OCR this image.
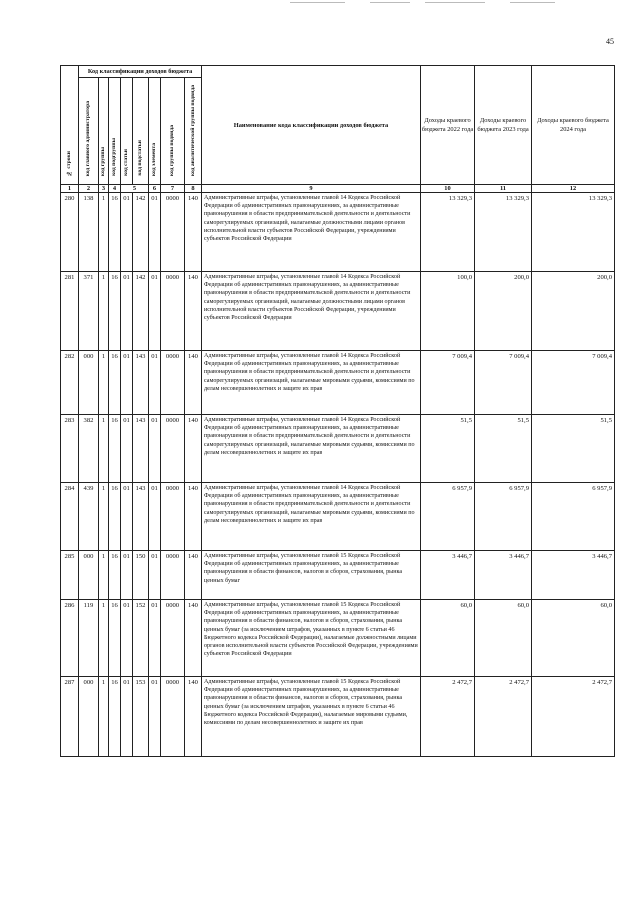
45
№ строки	Код классификации доходов бюджета								Наименование кода классификации доходов бюджета	Доходы краевого бюджета 2022 года	Доходы краевого бюджета 2023 года	Доходы краевого бюджета 2024 года
	код главного администратора	код группы	код подгруппы	код статьи	код подстатьи	код элемента	код группы подвида	код аналитической группы подвида				
1	2	3	4	5		6	7	8	9	10	11	12
280	138	1	16	01	142	01	0000	140	Административные штрафы, установленные главой 14 Кодекса Российской Федерации об административных правонарушениях, за административные правонарушения в области предпринимательской деятельности и деятельности саморегулируемых организаций, налагаемые должностными лицами органов исполнительной власти субъектов Российской Федерации, учреждениями субъектов Российской Федерации	13 329,3	13 329,3	13 329,3
281	371	1	16	01	142	01	0000	140	Административные штрафы, установленные главой 14 Кодекса Российской Федерации об административных правонарушениях, за административные правонарушения в области предпринимательской деятельности и деятельности саморегулируемых организаций, налагаемые должностными лицами органов исполнительной власти субъектов Российской Федерации, учреждениями субъектов Российской Федерации	100,0	200,0	200,0
282	000	1	16	01	143	01	0000	140	Административные штрафы, установленные главой 14 Кодекса Российской Федерации об административных правонарушениях, за административные правонарушения в области предпринимательской деятельности и деятельности саморегулируемых организаций, налагаемые мировыми судьями, комиссиями по делам несовершеннолетних и защите их прав	7 009,4	7 009,4	7 009,4
283	382	1	16	01	143	01	0000	140	Административные штрафы, установленные главой 14 Кодекса Российской Федерации об административных правонарушениях, за административные правонарушения в области предпринимательской деятельности и деятельности саморегулируемых организаций, налагаемые мировыми судьями, комиссиями по делам несовершеннолетних и защите их прав	51,5	51,5	51,5
284	439	1	16	01	143	01	0000	140	Административные штрафы, установленные главой 14 Кодекса Российской Федерации об административных правонарушениях, за административные правонарушения в области предпринимательской деятельности и деятельности саморегулируемых организаций, налагаемые мировыми судьями, комиссиями по делам несовершеннолетних и защите их прав	6 957,9	6 957,9	6 957,9
285	000	1	16	01	150	01	0000	140	Административные штрафы, установленные главой 15 Кодекса Российской Федерации об административных правонарушениях, за административные правонарушения в области финансов, налогов и сборов, страхования, рынка ценных бумаг	3 446,7	3 446,7	3 446,7
286	119	1	16	01	152	01	0000	140	Административные штрафы, установленные главой 15 Кодекса Российской Федерации об административных правонарушениях, за административные правонарушения в области финансов, налогов и сборов, страхования, рынка ценных бумаг (за исключением штрафов, указанных в пункте 6 статьи 46 Бюджетного кодекса Российской Федерации), налагаемые должностными лицами органов исполнительной власти субъектов Российской Федерации, учреждениями субъектов Российской Федерации	60,0	60,0	60,0
287	000	1	16	01	153	01	0000	140	Административные штрафы, установленные главой 15 Кодекса Российской Федерации об административных правонарушениях, за административные правонарушения в области финансов, налогов и сборов, страхования, рынка ценных бумаг (за исключением штрафов, указанных в пункте 6 статьи 46 Бюджетного кодекса Российской Федерации), налагаемые мировыми судьями, комиссиями по делам несовершеннолетних и защите их прав	2 472,7	2 472,7	2 472,7
